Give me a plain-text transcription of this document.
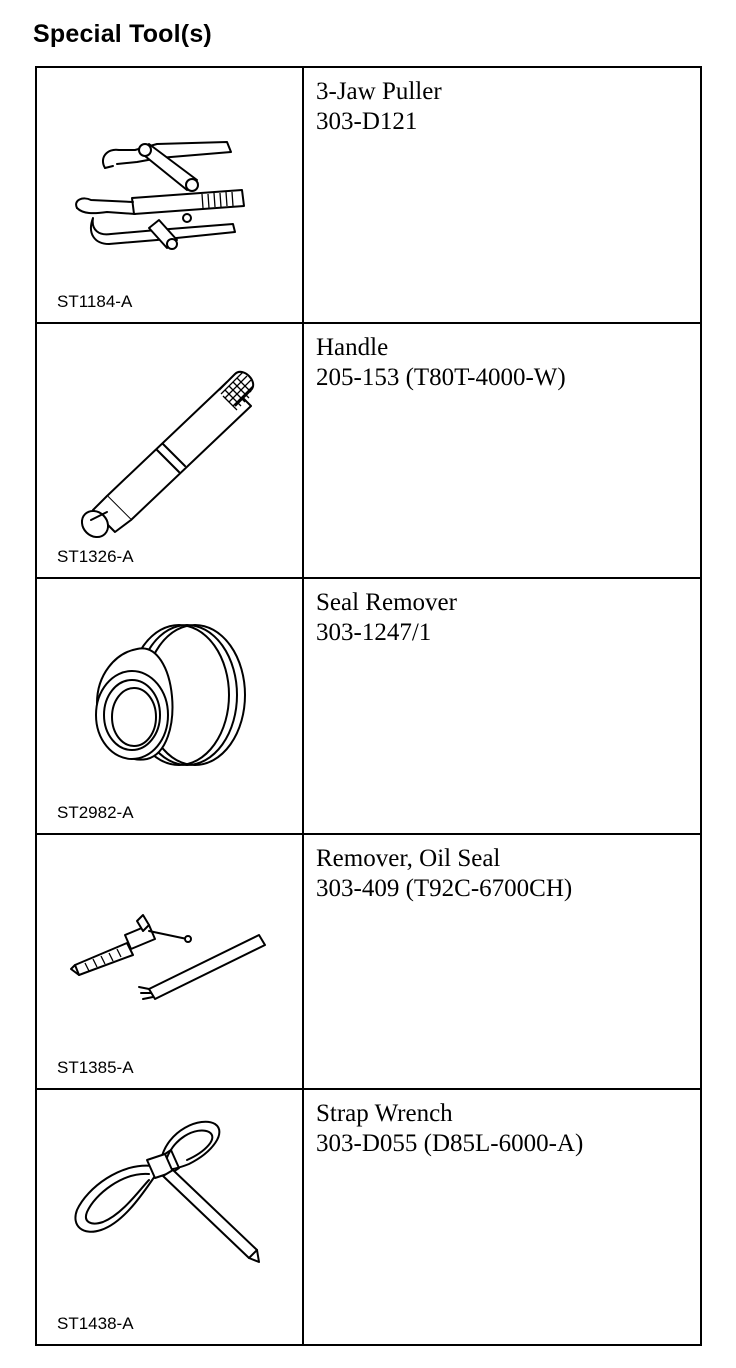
Special Tool(s)
ST1184-A
3-Jaw Puller
303-D121
ST1326-A
Handle
205-153 (T80T-4000-W)
ST2982-A
Seal Remover
303-1247/1
ST1385-A
Remover, Oil Seal
303-409 (T92C-6700CH)
ST1438-A
Strap Wrench
303-D055 (D85L-6000-A)
